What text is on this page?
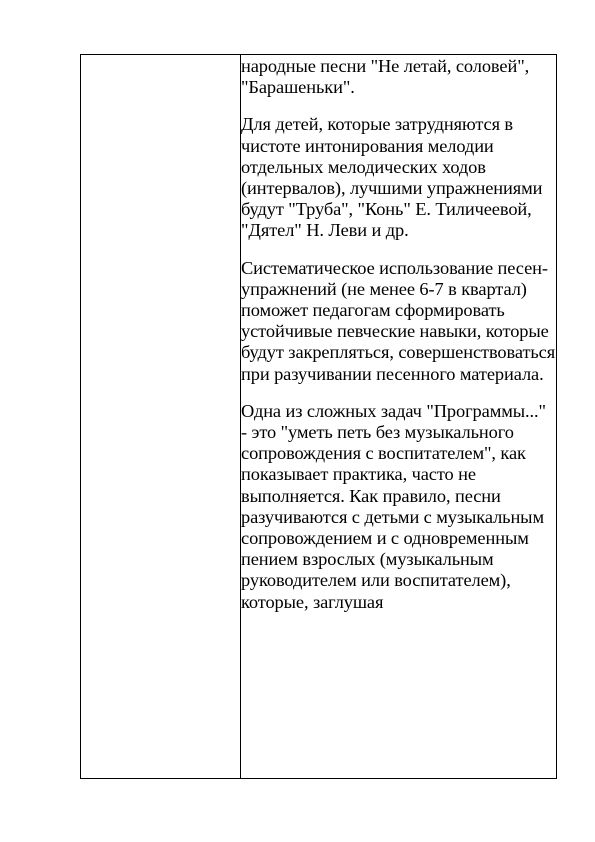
народные песни "Не летай, соловей", "Барашеньки".

Для детей, которые затрудняются в чистоте интонирования мелодии отдельных мелодических ходов (интервалов), лучшими упражнениями будут "Труба", "Конь" Е. Тиличеевой, "Дятел" Н. Леви и др.

Систематическое использование песен-упражнений (не менее 6-7 в квартал) поможет педагогам сформировать устойчивые певческие навыки, которые будут закрепляться, совершенствоваться при разучивании песенного материала.

Одна из сложных задач "Программы..." - это "уметь петь без музыкального сопровождения с воспитателем", как показывает практика, часто не выполняется. Как правило, песни разучиваются с детьми с музыкальным сопровождением и с одновременным пением взрослых (музыкальным руководителем или воспитателем), которые, заглушая
